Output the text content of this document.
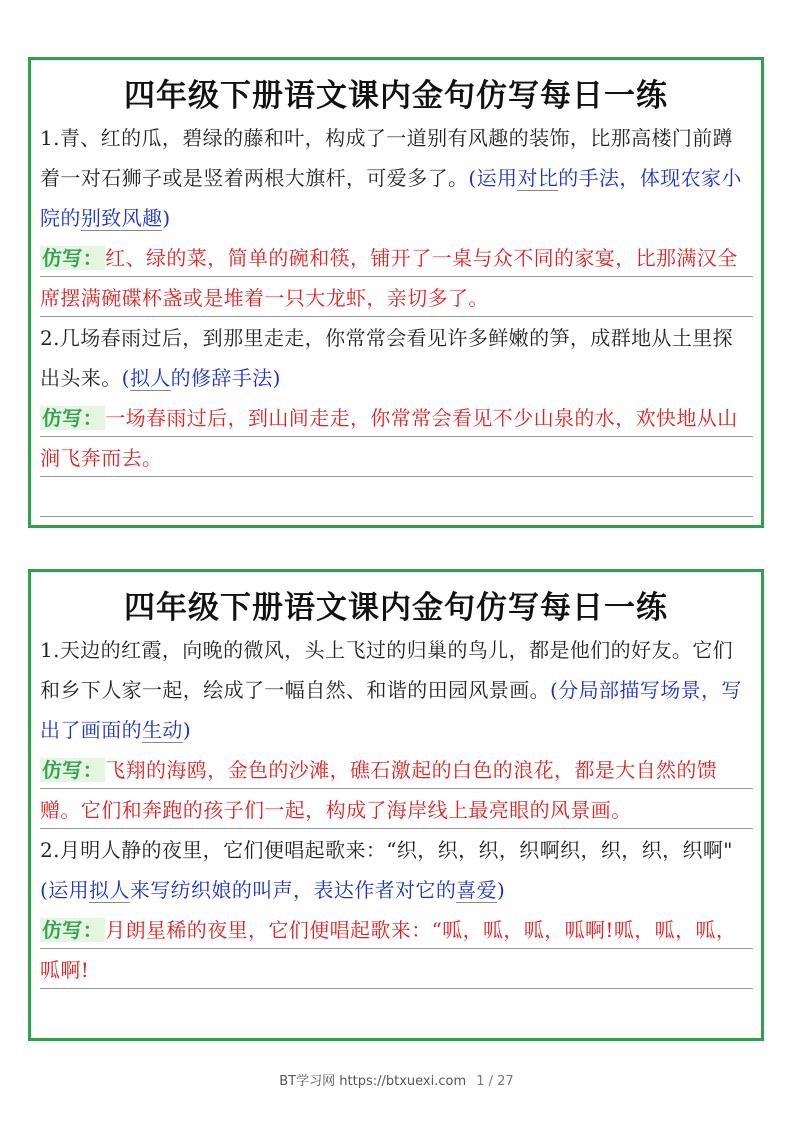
四年级下册语文课内金句仿写每日一练
1.青、红的瓜，碧绿的藤和叶，构成了一道别有风趣的装饰，比那高楼门前蹲着一对石狮子或是竖着两根大旗杆，可爱多了。(运用对比的手法，体现农家小院的别致风趣)
仿写： 红、绿的菜，简单的碗和筷，铺开了一桌与众不同的家宴，比那满汉全席摆满碗碟杯盏或是堆着一只大龙虾，亲切多了。
2.几场春雨过后，到那里走走，你常常会看见许多鲜嫩的笋，成群地从土里探出头来。(拟人的修辞手法)
仿写： 一场春雨过后，到山间走走，你常常会看见不少山泉的水，欢快地从山涧飞奔而去。
四年级下册语文课内金句仿写每日一练
1.天边的红霞，向晚的微风，头上飞过的归巢的鸟儿，都是他们的好友。它们和乡下人家一起，绘成了一幅自然、和谐的田园风景画。(分局部描写场景，写出了画面的生动)
仿写： 飞翔的海鸥，金色的沙滩，礁石激起的白色的浪花，都是大自然的馈赠。它们和奔跑的孩子们一起，构成了海岸线上最亮眼的风景画。
2.月明人静的夜里，它们便唱起歌来：“织，织，织，织啊织，织，织，织啊"(运用拟人来写纺织娘的叫声，表达作者对它的喜爱)
仿写： 月朗星稀的夜里，它们便唱起歌来：“呱，呱，呱，呱啊!呱，呱，呱，呱啊!
BT学习网 https://btxuexi.com 1 / 27
